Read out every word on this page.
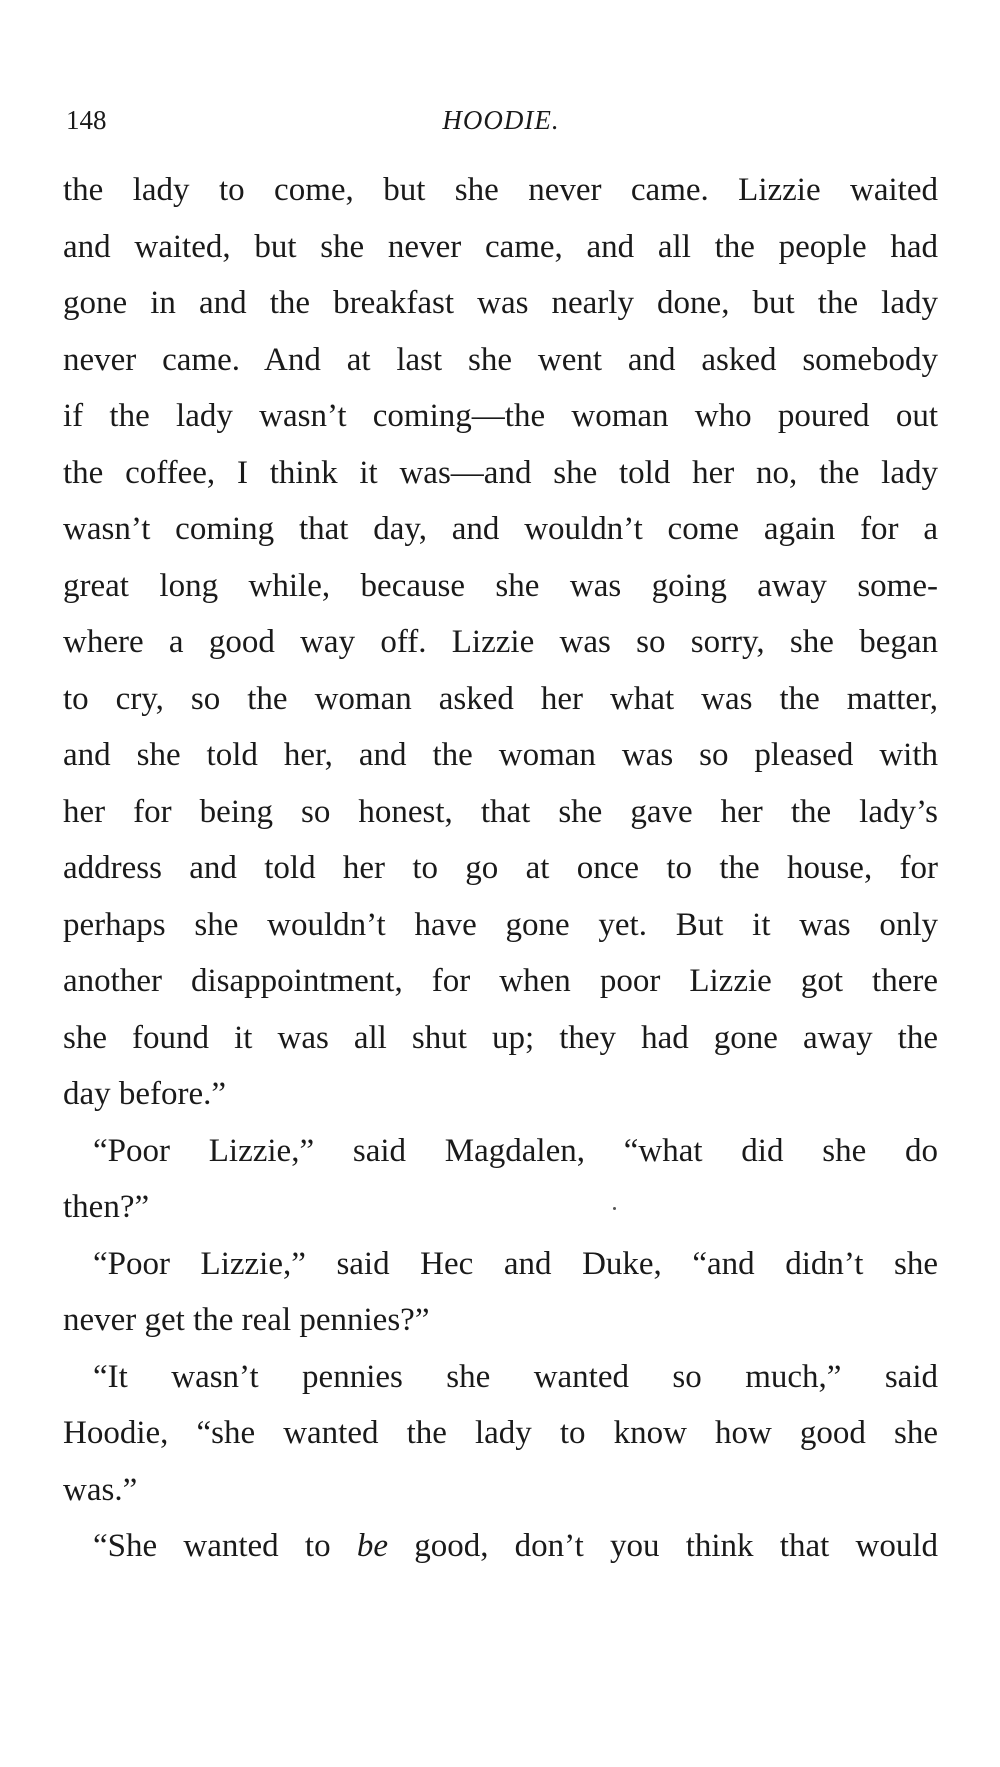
148	HOODIE.
the lady to come, but she never came. Lizzie waited
and waited, but she never came, and all the people had
gone in and the breakfast was nearly done, but the lady
never came. And at last she went and asked somebody
if the lady wasn’t coming—the woman who poured out
the coffee, I think it was—and she told her no, the lady
wasn’t coming that day, and wouldn’t come again for a
great long while, because she was going away some-
where a good way off. Lizzie was so sorry, she began
to cry, so the woman asked her what was the matter,
and she told her, and the woman was so pleased with
her for being so honest, that she gave her the lady’s
address and told her to go at once to the house, for
perhaps she wouldn’t have gone yet. But it was only
another disappointment, for when poor Lizzie got there
she found it was all shut up; they had gone away the
day before.”
“Poor Lizzie,” said Magdalen, “what did she do
then?”
“Poor Lizzie,” said Hec and Duke, “and didn’t she
never get the real pennies?”
“It wasn’t pennies she wanted so much,” said
Hoodie, “she wanted the lady to know how good she
was.”
“She wanted to be good, don’t you think that would
